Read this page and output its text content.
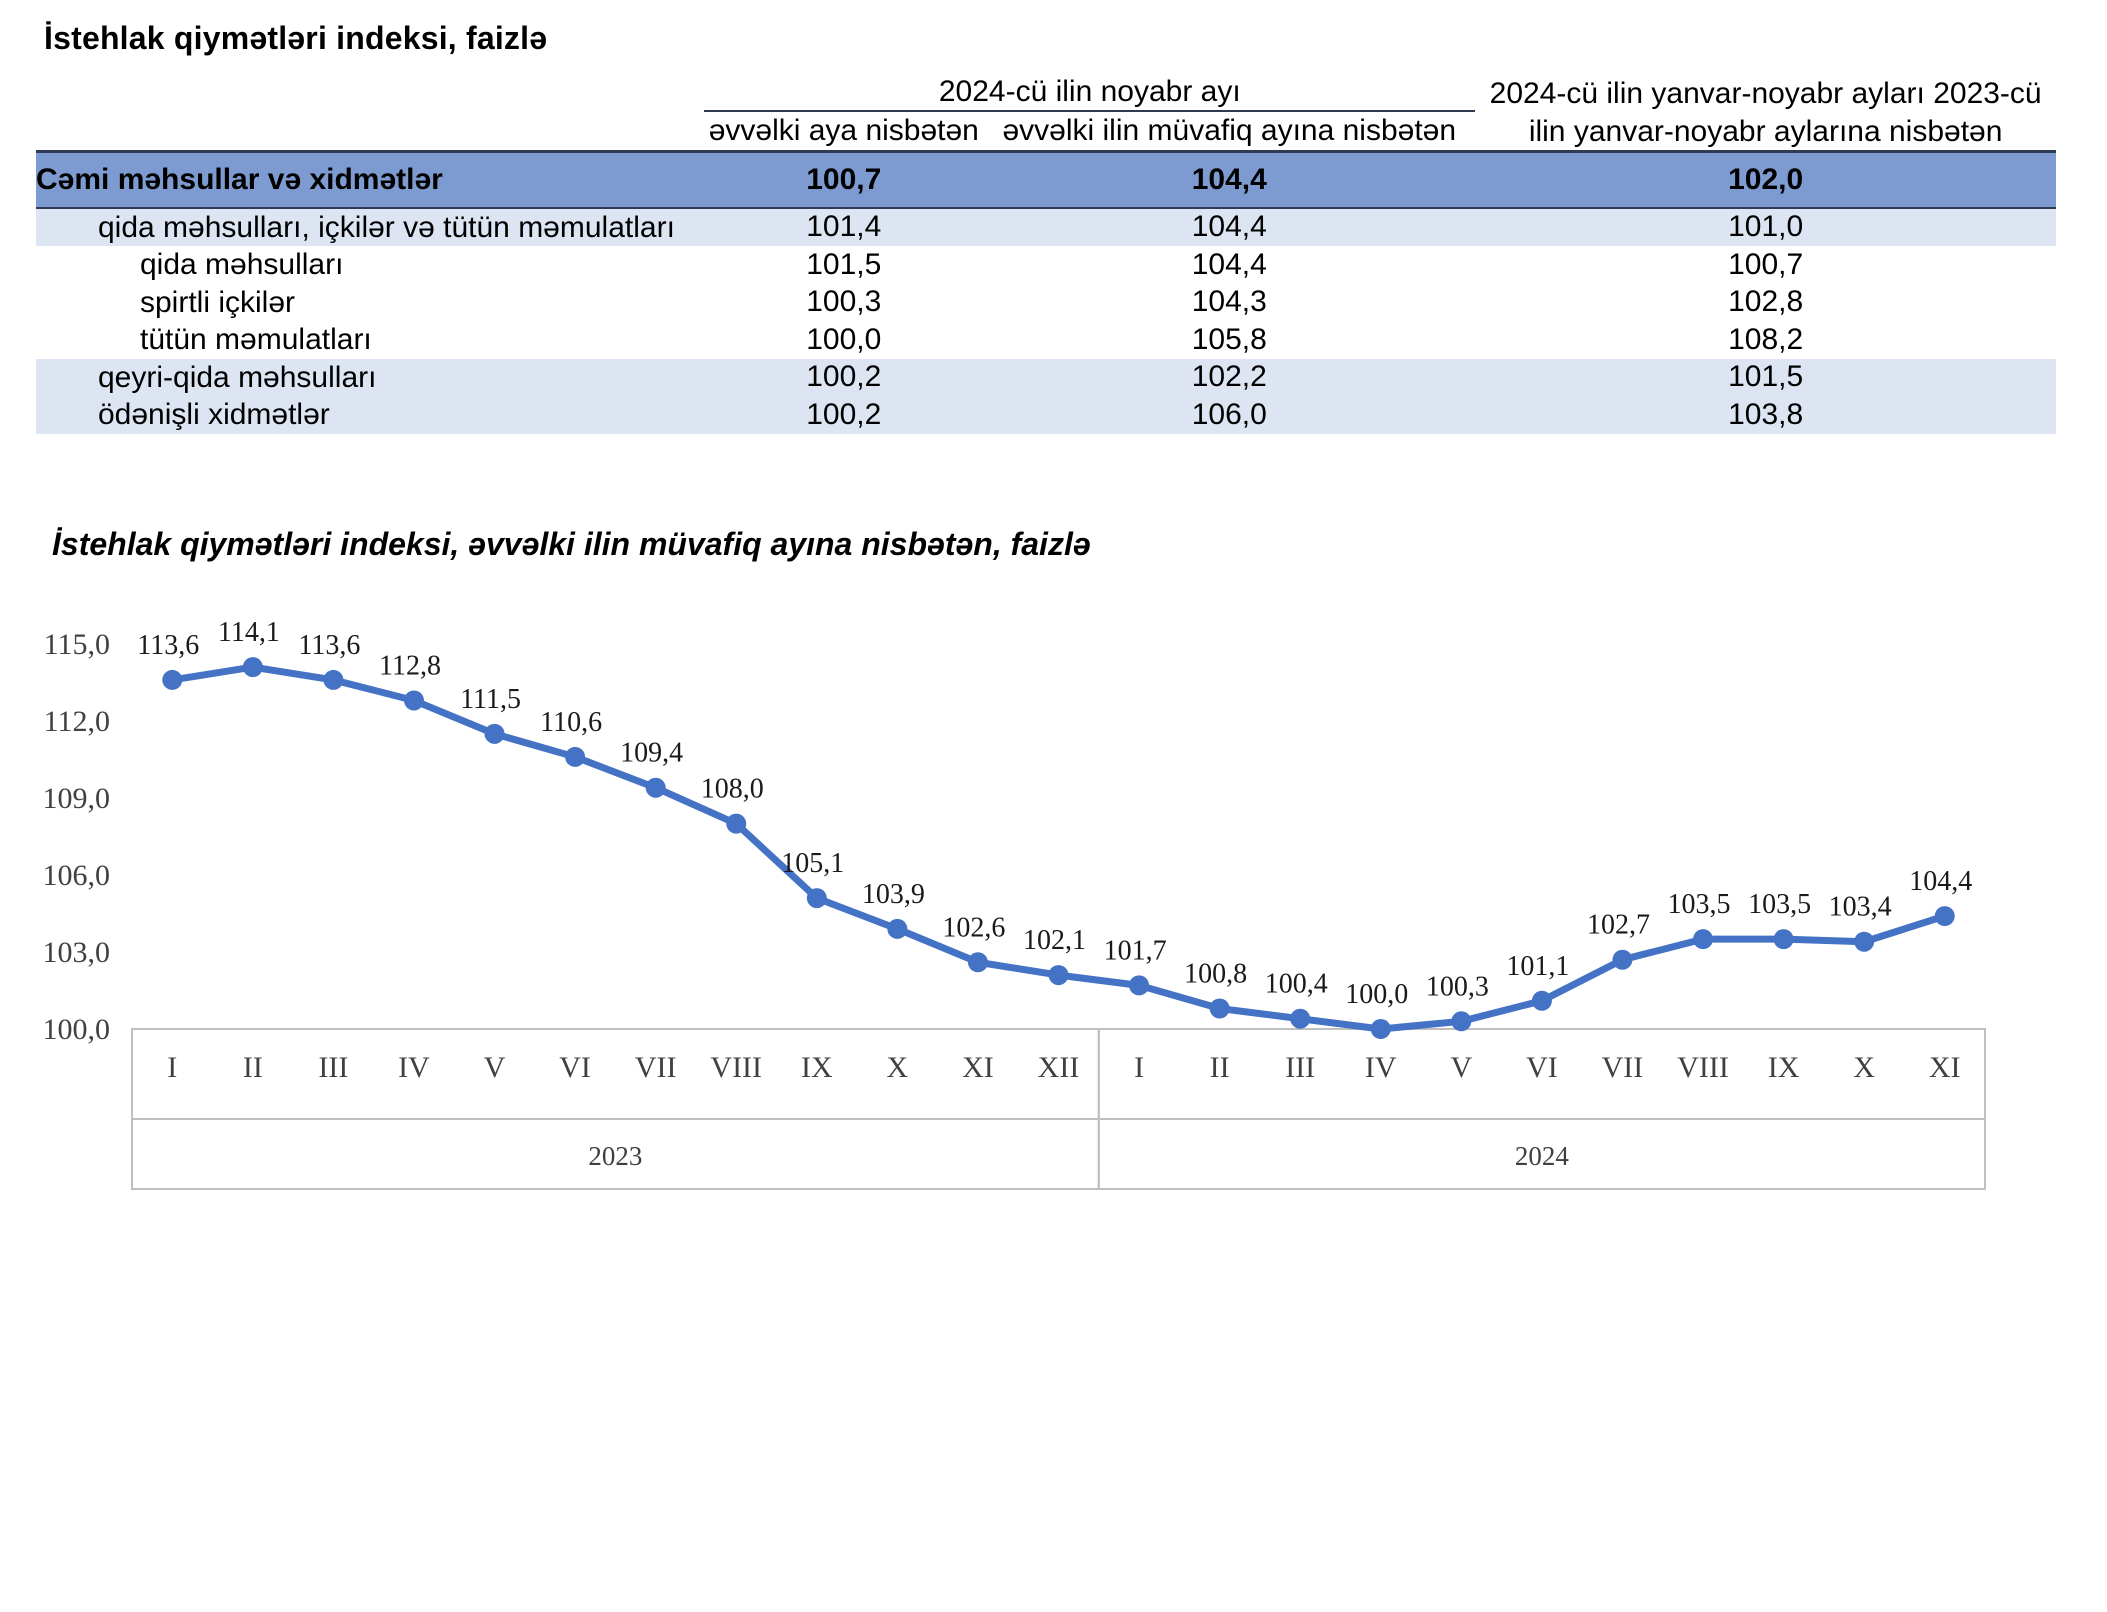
İstehlak qiymətləri indeksi, faizlə
	2024-cü ilin noyabr ayı		2024-cü ilin yanvar-noyabr ayları 2023-cü ilin yanvar-noyabr aylarına nisbətən
	əvvəlki aya nisbətən	əvvəlki ilin müvafiq ayına nisbətən	
Cəmi məhsullar və xidmətlər	100,7	104,4	102,0
qida məhsulları, içkilər və tütün məmulatları	101,4	104,4	101,0
qida məhsulları	101,5	104,4	100,7
spirtli içkilər	100,3	104,3	102,8
tütün məmulatları	100,0	105,8	108,2
qeyri-qida məhsulları	100,2	102,2	101,5
ödənişli xidmətlər	100,2	106,0	103,8
İstehlak qiymətləri indeksi, əvvəlki ilin müvafiq ayına nisbətən, faizlə
115,0
112,0
109,0
106,0
103,0
100,0
2023	2024
I II III IV V VI VII VIII IX X XI XII I II III IV V VI VII VIII IX X XI
113,6 114,1 113,6
112,8
111,5
110,6
109,4
108,0
105,1
103,9
102,6 102,1 101,7
100,8 100,4 100,0 100,3
101,1
102,7
103,5 103,5 103,4
104,4
